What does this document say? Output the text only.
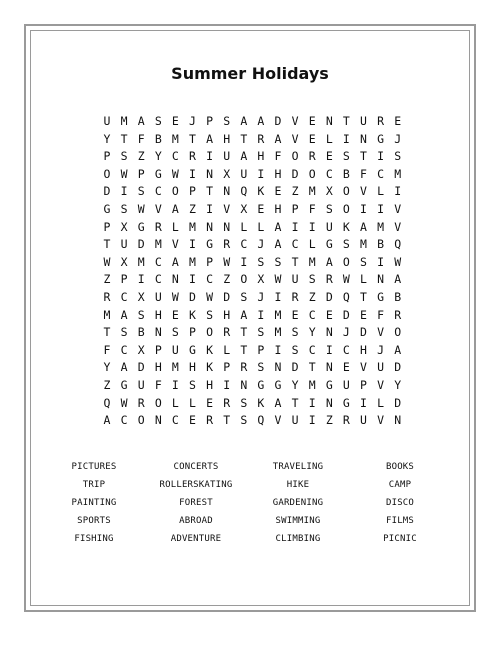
Summer Holidays
U M A S E J P S A A D V E N T U R E
Y T F B M T A H T R A V E L I N G J
P S Z Y C R I U A H F O R E S T I S
O W P G W I N X U I H D O C B F C M
D I S C O P T N Q K E Z M X O V L I
G S W V A Z I V X E H P F S O I I V
P X G R L M N N L L A I I U K A M V
T U D M V I G R C J A C L G S M B Q
W X M C A M P W I S S T M A O S I W
Z P I C N I C Z O X W U S R W L N A
R C X U W D W D S J I R Z D Q T G B
M A S H E K S H A I M E C E D E F R
T S B N S P O R T S M S Y N J D V O
F C X P U G K L T P I S C I C H J A
Y A D H M H K P R S N D T N E V U D
Z G U F I S H I N G G Y M G U P V Y
Q W R O L L E R S K A T I N G I L D
A C O N C E R T S Q V U I Z R U V N
PICTURES	CONCERTS	TRAVELING	BOOKS
TRIP	ROLLERSKATING	HIKE	CAMP
PAINTING	FOREST	GARDENING	DISCO
SPORTS	ABROAD	SWIMMING	FILMS
FISHING	ADVENTURE	CLIMBING	PICNIC
